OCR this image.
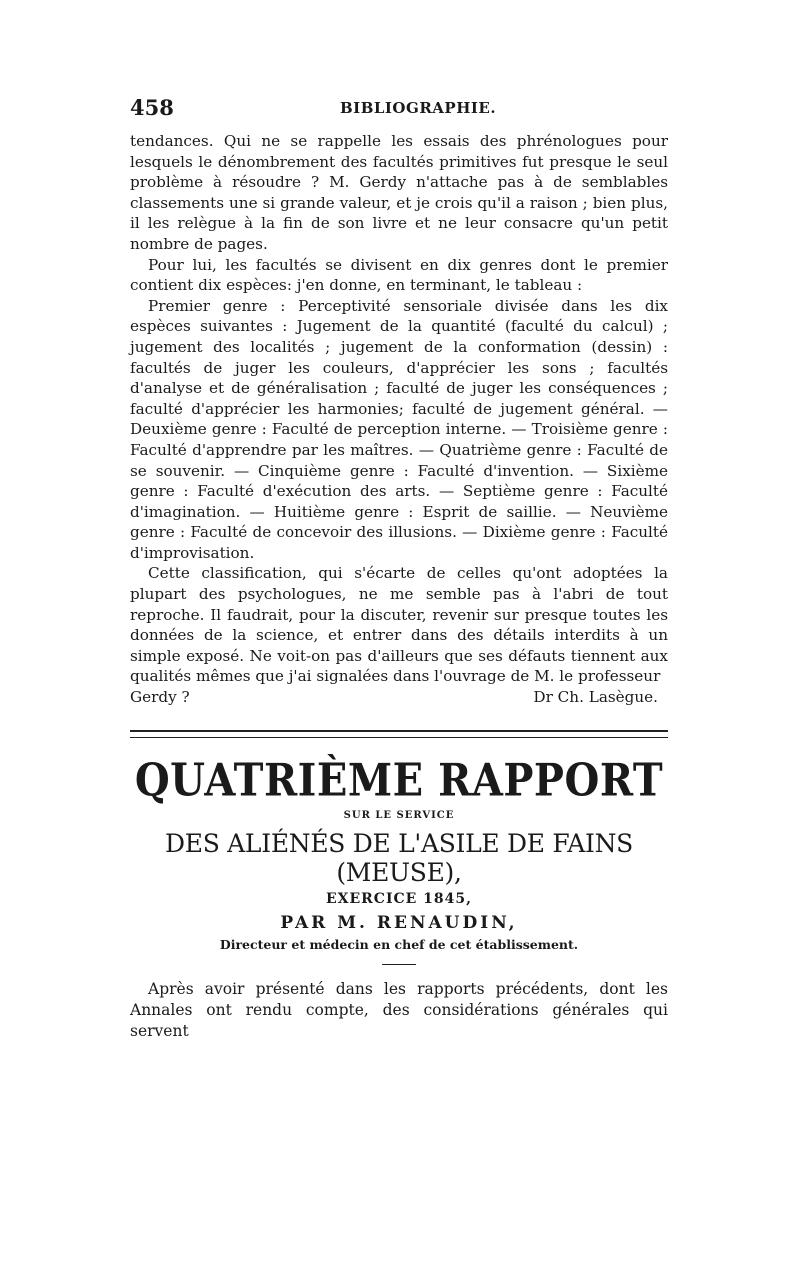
458	BIBLIOGRAPHIE.

tendances. Qui ne se rappelle les essais des phrénologues pour lesquels le dénombrement des facultés primitives fut presque le seul problème à résoudre ? M. Gerdy n'attache pas à de semblables classements une si grande valeur, et je crois qu'il a raison ; bien plus, il les relègue à la fin de son livre et ne leur consacre qu'un petit nombre de pages.

Pour lui, les facultés se divisent en dix genres dont le premier contient dix espèces: j'en donne, en terminant, le tableau :

Premier genre : Perceptivité sensoriale divisée dans les dix espèces suivantes : Jugement de la quantité (faculté du calcul) ; jugement des localités ; jugement de la conformation (dessin) : facultés de juger les couleurs, d'apprécier les sons ; facultés d'analyse et de généralisation ; faculté de juger les conséquences ; faculté d'apprécier les harmonies; faculté de jugement général. — Deuxième genre : Faculté de perception interne. — Troisième genre : Faculté d'apprendre par les maîtres. — Quatrième genre : Faculté de se souvenir. — Cinquième genre : Faculté d'invention. — Sixième genre : Faculté d'exécution des arts. — Septième genre : Faculté d'imagination. — Huitième genre : Esprit de saillie. — Neuvième genre : Faculté de concevoir des illusions. — Dixième genre : Faculté d'improvisation.

Cette classification, qui s'écarte de celles qu'ont adoptées la plupart des psychologues, ne me semble pas à l'abri de tout reproche. Il faudrait, pour la discuter, revenir sur presque toutes les données de la science, et entrer dans des détails interdits à un simple exposé. Ne voit-on pas d'ailleurs que ses défauts tiennent aux qualités mêmes que j'ai signalées dans l'ouvrage de M. le professeur

Gerdy ?	Dr Ch. Lasègue.

QUATRIÈME RAPPORT
SUR LE SERVICE
DES ALIÉNÉS DE L'ASILE DE FAINS (MEUSE),
EXERCICE 1845,
PAR M. RENAUDIN,
Directeur et médecin en chef de cet établissement.

Après avoir présenté dans les rapports précédents, dont les Annales ont rendu compte, des considérations générales qui servent
